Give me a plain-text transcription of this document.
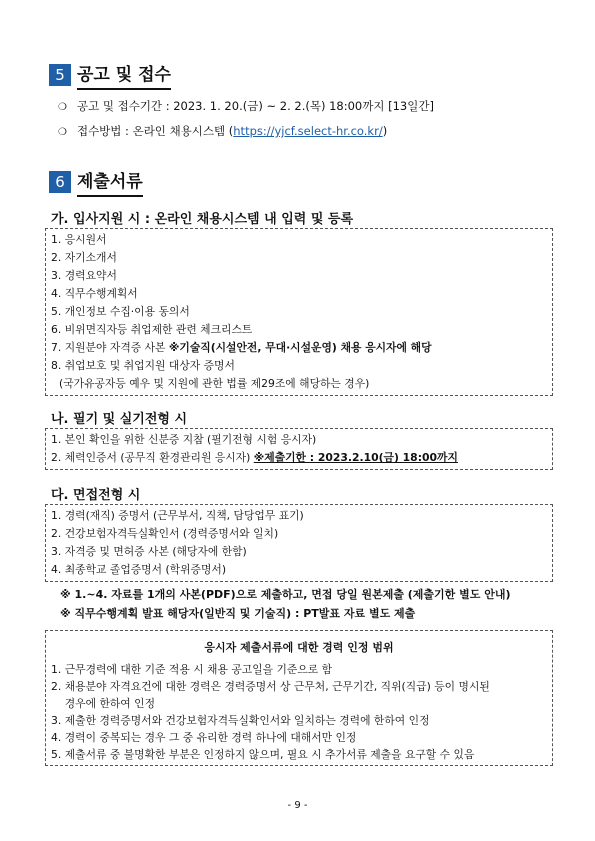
5 공고 및 접수
❍ 공고 및 접수기간 : 2023. 1. 20.(금) ~ 2. 2.(목) 18:00까지 [13일간]
❍ 접수방법 : 온라인 채용시스템 (https://yjcf.select-hr.co.kr/)
6 제출서류
가. 입사지원 시 : 온라인 채용시스템 내 입력 및 등록
1. 응시원서
2. 자기소개서
3. 경력요약서
4. 직무수행계획서
5. 개인정보 수집·이용 동의서
6. 비위면직자등 취업제한 관련 체크리스트
7. 지원분야 자격증 사본 ※기술직(시설안전, 무대·시설운영) 채용 응시자에 해당
8. 취업보호 및 취업지원 대상자 증명서
(국가유공자등 예우 및 지원에 관한 법률 제29조에 해당하는 경우)
나. 필기 및 실기전형 시
1. 본인 확인을 위한 신분증 지참 (필기전형 시험 응시자)
2. 체력인증서 (공무직 환경관리원 응시자) ※제출기한 : 2023.2.10(금) 18:00까지
다. 면접전형 시
1. 경력(재직) 증명서 (근무부서, 직책, 담당업무 표기)
2. 건강보험자격득실확인서 (경력증명서와 일치)
3. 자격증 및 면허증 사본 (해당자에 한함)
4. 최종학교 졸업증명서 (학위증명서)
※ 1.~4. 자료를 1개의 사본(PDF)으로 제출하고, 면접 당일 원본제출 (제출기한 별도 안내)
※ 직무수행계획 발표 해당자(일반직 및 기술직) : PT발표 자료 별도 제출
응시자 제출서류에 대한 경력 인정 범위
1. 근무경력에 대한 기준 적용 시 채용 공고일을 기준으로 함
2. 채용분야 자격요건에 대한 경력은 경력증명서 상 근무처, 근무기간, 직위(직급) 등이 명시된
경우에 한하여 인정
3. 제출한 경력증명서와 건강보험자격득실확인서와 일치하는 경력에 한하여 인정
4. 경력이 중복되는 경우 그 중 유리한 경력 하나에 대해서만 인정
5. 제출서류 중 불명확한 부분은 인정하지 않으며, 필요 시 추가서류 제출을 요구할 수 있음
- 9 -
